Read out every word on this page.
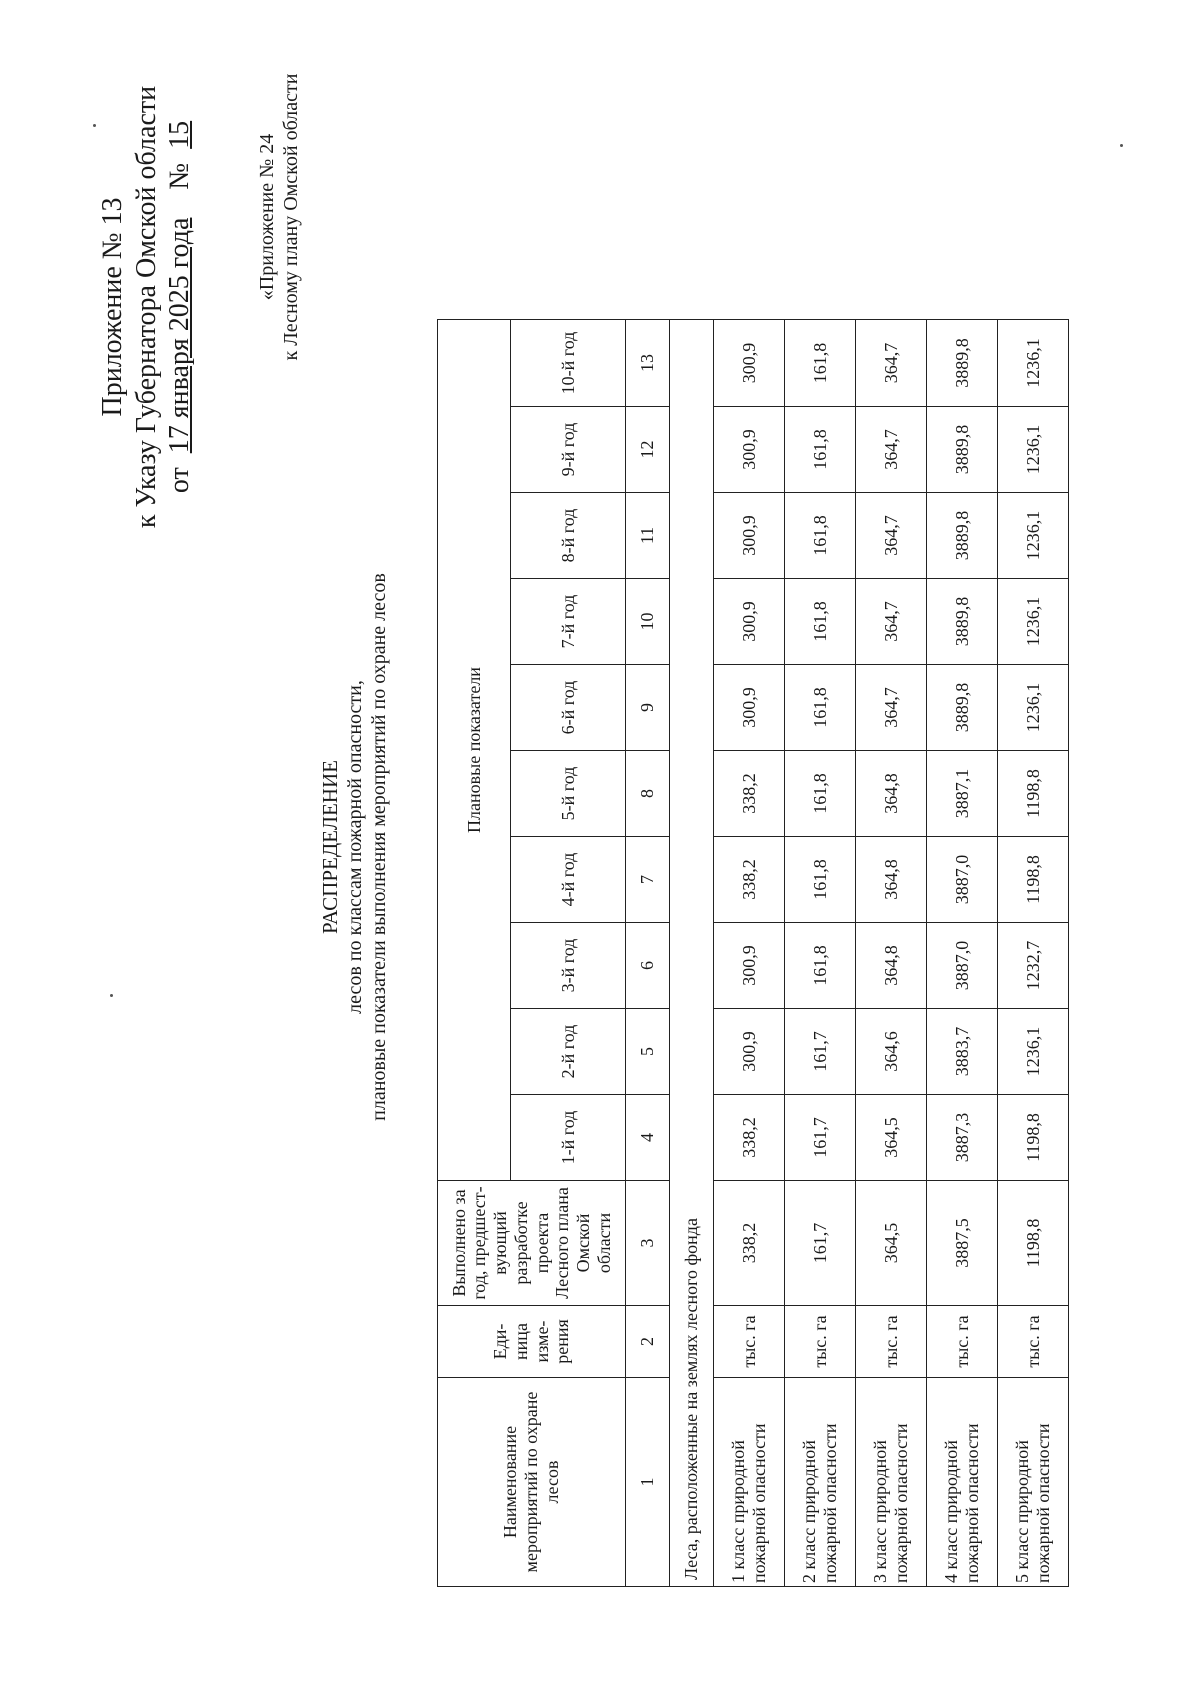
Приложение № 13 к Указу Губернатора Омской области от  17 января 2025 года    №  15	«Приложение № 24 к Лесному плану Омской области
РАСПРЕДЕЛЕНИЕ лесов по классам пожарной опасности, плановые показатели выполнения мероприятий по охране лесов
Наименование мероприятий по охране лесов	Еди-ница изме-рения	Выполнено за год, предшест-вующий разработке проекта Лесного плана Омской области	Плановые показатели									
			1-й год	2-й год	3-й год	4-й год	5-й год	6-й год	7-й год	8-й год	9-й год	10-й год
1	2	3	4	5	6	7	8	9	10	11	12	13
Леса, расположенные на землях лесного фонда												
1 класс природной пожарной опасности	тыс. га	338,2	338,2	300,9	300,9	338,2	338,2	300,9	300,9	300,9	300,9	300,9
2 класс природной пожарной опасности	тыс. га	161,7	161,7	161,7	161,8	161,8	161,8	161,8	161,8	161,8	161,8	161,8
3 класс природной пожарной опасности	тыс. га	364,5	364,5	364,6	364,8	364,8	364,8	364,7	364,7	364,7	364,7	364,7
4 класс природной пожарной опасности	тыс. га	3887,5	3887,3	3883,7	3887,0	3887,0	3887,1	3889,8	3889,8	3889,8	3889,8	3889,8
5 класс природной пожарной опасности	тыс. га	1198,8	1198,8	1236,1	1232,7	1198,8	1198,8	1236,1	1236,1	1236,1	1236,1	1236,1
